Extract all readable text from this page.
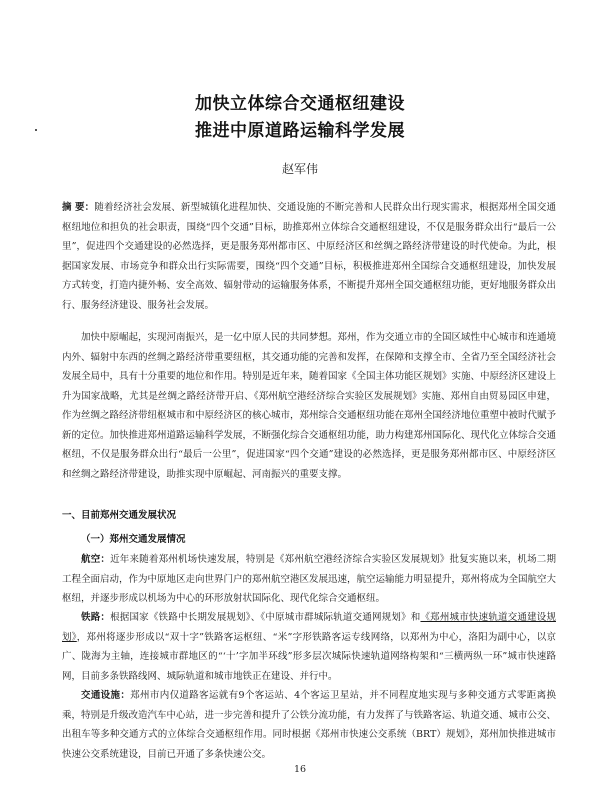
加快立体综合交通枢纽建设
推进中原道路运输科学发展
赵军伟
摘 要：随着经济社会发展、新型城镇化进程加快、交通设施的不断完善和人民群众出行现实需求，根据郑州全国交通枢纽地位和担负的社会职责，围绕“四个交通”目标，助推郑州立体综合交通枢纽建设，不仅是服务群众出行“最后一公里”，促进四个交通建设的必然选择，更是服务郑州都市区、中原经济区和丝绸之路经济带建设的时代使命。为此，根据国家发展、市场竞争和群众出行实际需要，围绕“四个交通”目标，积极推进郑州全国综合交通枢纽建设，加快发展方式转变，打造内捷外畅、安全高效、辐射带动的运输服务体系，不断提升郑州全国交通枢纽功能，更好地服务群众出行、服务经济建设、服务社会发展。
加快中原崛起，实现河南振兴，是一亿中原人民的共同梦想。郑州，作为交通立市的全国区域性中心城市和连通境内外、辐射中东西的丝绸之路经济带重要纽枢，其交通功能的完善和发挥，在保障和支撑全市、全省乃至全国经济社会发展全局中，具有十分重要的地位和作用。特别是近年来，随着国家《全国主体功能区规划》实施、中原经济区建设上升为国家战略，尤其是丝绸之路经济带开启、《郑州航空港经济综合实验区发展规划》实施、郑州自由贸易园区申建，作为丝绸之路经济带纽枢城市和中原经济区的核心城市，郑州综合交通枢纽功能在郑州全国经济地位重塑中被时代赋予新的定位。加快推进郑州道路运输科学发展，不断强化综合交通枢纽功能，助力构建郑州国际化、现代化立体综合交通枢纽，不仅是服务群众出行“最后一公里”，促进国家“四个交通”建设的必然选择，更是服务郑州都市区、中原经济区和丝绸之路经济带建设，助推实现中原崛起、河南振兴的重要支撑。
一、目前郑州交通发展状况
（一）郑州交通发展情况
航空：近年来随着郑州机场快速发展，特别是《郑州航空港经济综合实验区发展规划》批复实施以来，机场二期工程全面启动，作为中原地区走向世界门户的郑州航空港区发展迅速，航空运输能力明显提升，郑州将成为全国航空大枢纽，并逐步形成以机场为中心的环形放射状国际化、现代化综合交通枢纽。
铁路：根据国家《铁路中长期发展规划》、《中原城市群城际轨道交通网规划》和《郑州城市快速轨道交通建设规划》，郑州将逐步形成以“双十字”铁路客运枢纽、“米”字形铁路客运专线网络，以郑州为中心，洛阳为副中心，以京广、陇海为主轴，连接城市群地区的“‘十’字加半环线”形多层次城际快速轨道网络构架和“三横两纵一环”城市快速路网，目前多条铁路线网、城际轨道和城市地铁正在建设、并行中。
交通设施：郑州市内仅道路客运就有9个客运站、4个客运卫星站，并不同程度地实现与多种交通方式零距离换乘，特别是升级改造汽车中心站，进一步完善和提升了公铁分流功能，有力发挥了与铁路客运、轨道交通、城市公交、出租车等多种交通方式的立体综合交通枢纽作用。同时根据《郑州市快速公交系统（BRT）规划》，郑州加快推进城市快速公交系统建设，目前已开通了多条快速公交。
16
